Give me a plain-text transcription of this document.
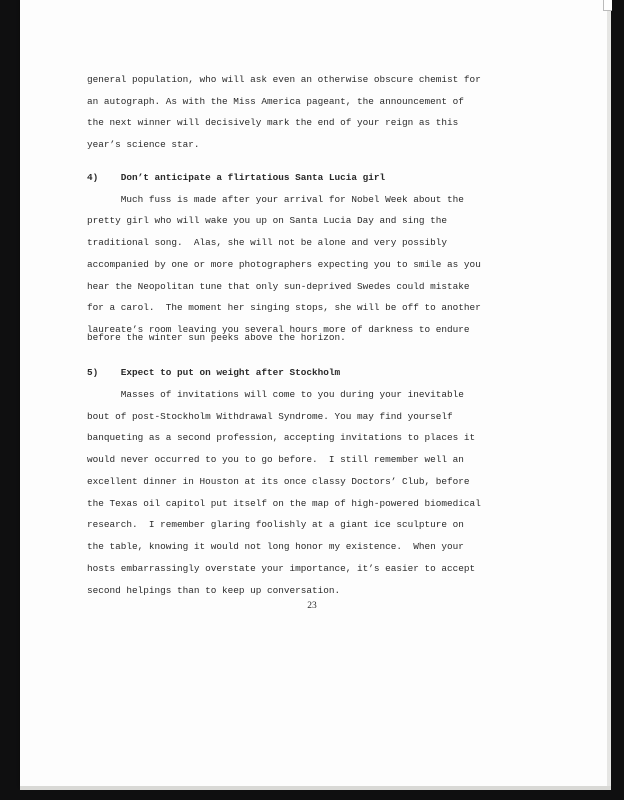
general population, who will ask even an otherwise obscure chemist for
an autograph. As with the Miss America pageant, the announcement of
the next winner will decisively mark the end of your reign as this
year’s science star.
4)    Don’t anticipate a flirtatious Santa Lucia girl
Much fuss is made after your arrival for Nobel Week about the
pretty girl who will wake you up on Santa Lucia Day and sing the
traditional song.  Alas, she will not be alone and very possibly
accompanied by one or more photographers expecting you to smile as you
hear the Neopolitan tune that only sun-deprived Swedes could mistake
for a carol.  The moment her singing stops, she will be off to another
laureate’s room leaving you several hours more of darkness to endure
before the winter sun peeks above the horizon.
5)    Expect to put on weight after Stockholm
Masses of invitations will come to you during your inevitable
bout of post-Stockholm Withdrawal Syndrome. You may find yourself
banqueting as a second profession, accepting invitations to places it
would never occurred to you to go before.  I still remember well an
excellent dinner in Houston at its once classy Doctors’ Club, before
the Texas oil capitol put itself on the map of high-powered biomedical
research.  I remember glaring foolishly at a giant ice sculpture on
the table, knowing it would not long honor my existence.  When your
hosts embarrassingly overstate your importance, it’s easier to accept
second helpings than to keep up conversation.
23
